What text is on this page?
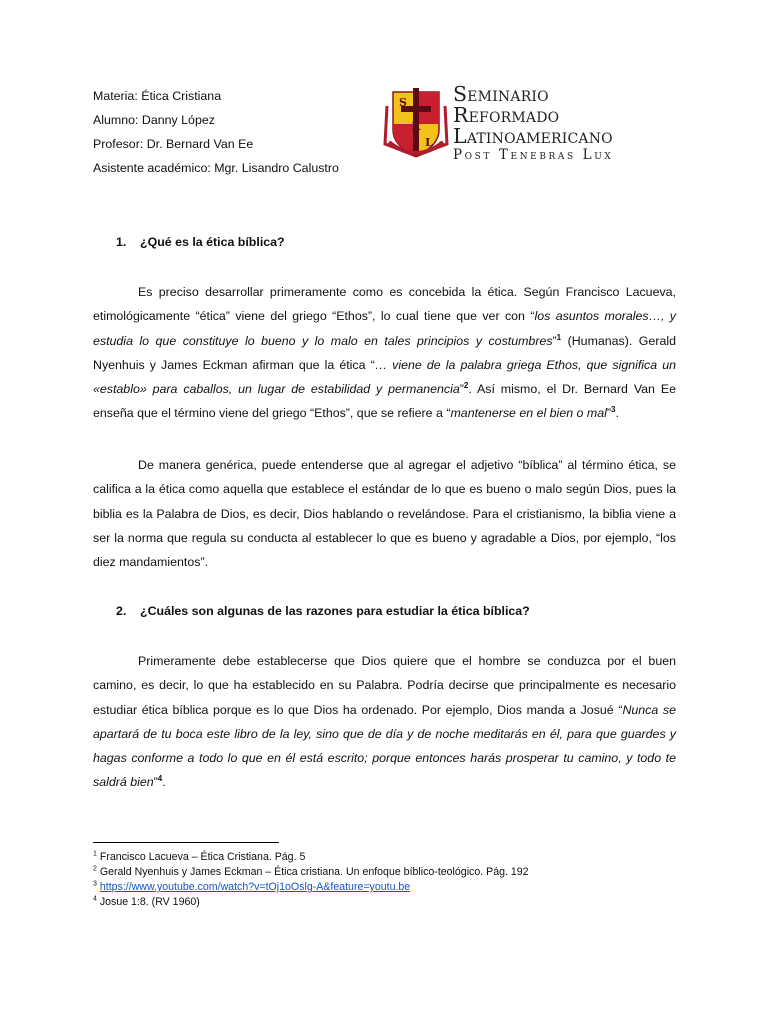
Materia: Ética Cristiana
Alumno: Danny López
Profesor: Dr. Bernard Van Ee
Asistente académico: Mgr. Lisandro Calustro
S
R
L
Seminario
Reformado
Latinoamericano
Post Tenebras Lux
1. ¿Qué es la ética bíblica?
Es preciso desarrollar primeramente como es concebida la ética. Según Francisco Lacueva, etimológicamente “ética” viene del griego “Ethos”, lo cual tiene que ver con “los asuntos morales…, y estudia lo que constituye lo bueno y lo malo en tales principios y costumbres”$^1$ (Humanas). Gerald Nyenhuis y James Eckman afirman que la ética “… viene de la palabra griega Ethos, que significa un «establo» para caballos, un lugar de estabilidad y permanencia”$^2$. Así mismo, el Dr. Bernard Van Ee enseña que el término viene del griego “Ethos”, que se refiere a “mantenerse en el bien o mal”$^3$.
De manera genérica, puede entenderse que al agregar el adjetivo “bíblica” al término ética, se califica a la ética como aquella que establece el estándar de lo que es bueno o malo según Dios, pues la biblia es la Palabra de Dios, es decir, Dios hablando o revelándose. Para el cristianismo, la biblia viene a ser la norma que regula su conducta al establecer lo que es bueno y agradable a Dios, por ejemplo, “los diez mandamientos”.
2. ¿Cuáles son algunas de las razones para estudiar la ética bíblica?
Primeramente debe establecerse que Dios quiere que el hombre se conduzca por el buen camino, es decir, lo que ha establecido en su Palabra. Podría decirse que principalmente es necesario estudiar ética bíblica porque es lo que Dios ha ordenado. Por ejemplo, Dios manda a Josué “Nunca se apartará de tu boca este libro de la ley, sino que de día y de noche meditarás en él, para que guardes y hagas conforme a todo lo que en él está escrito; porque entonces harás prosperar tu camino, y todo te saldrá bien”$^4$.
$^1$ Francisco Lacueva – Ética Cristiana. Pág. 5
$^2$ Gerald Nyenhuis y James Eckman – Ética cristiana. Un enfoque bíblico-teológico. Pág. 192
$^3$ https://www.youtube.com/watch?v=tOj1oOslg-A&feature=youtu.be
$^4$ Josue 1:8. (RV 1960)
